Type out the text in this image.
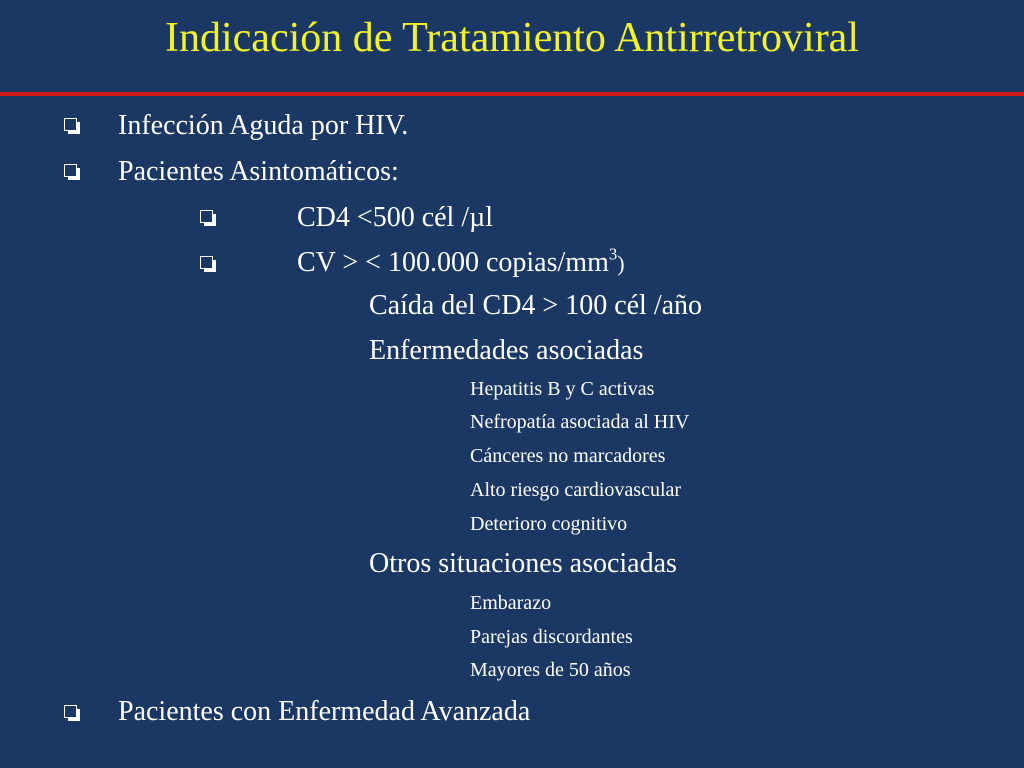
Indicación de Tratamiento Antirretroviral
Infección Aguda por HIV.
Pacientes Asintomáticos:
CD4 <500 cél /µl
CV > < 100.000 copias/$mm^3$)
Caída del CD4 > 100 cél /año
Enfermedades asociadas
Hepatitis B y C activas
Nefropatía asociada al HIV
Cánceres no marcadores
Alto riesgo cardiovascular
Deterioro cognitivo
Otros situaciones asociadas
Embarazo
Parejas discordantes
Mayores de 50 años
Pacientes con Enfermedad Avanzada
